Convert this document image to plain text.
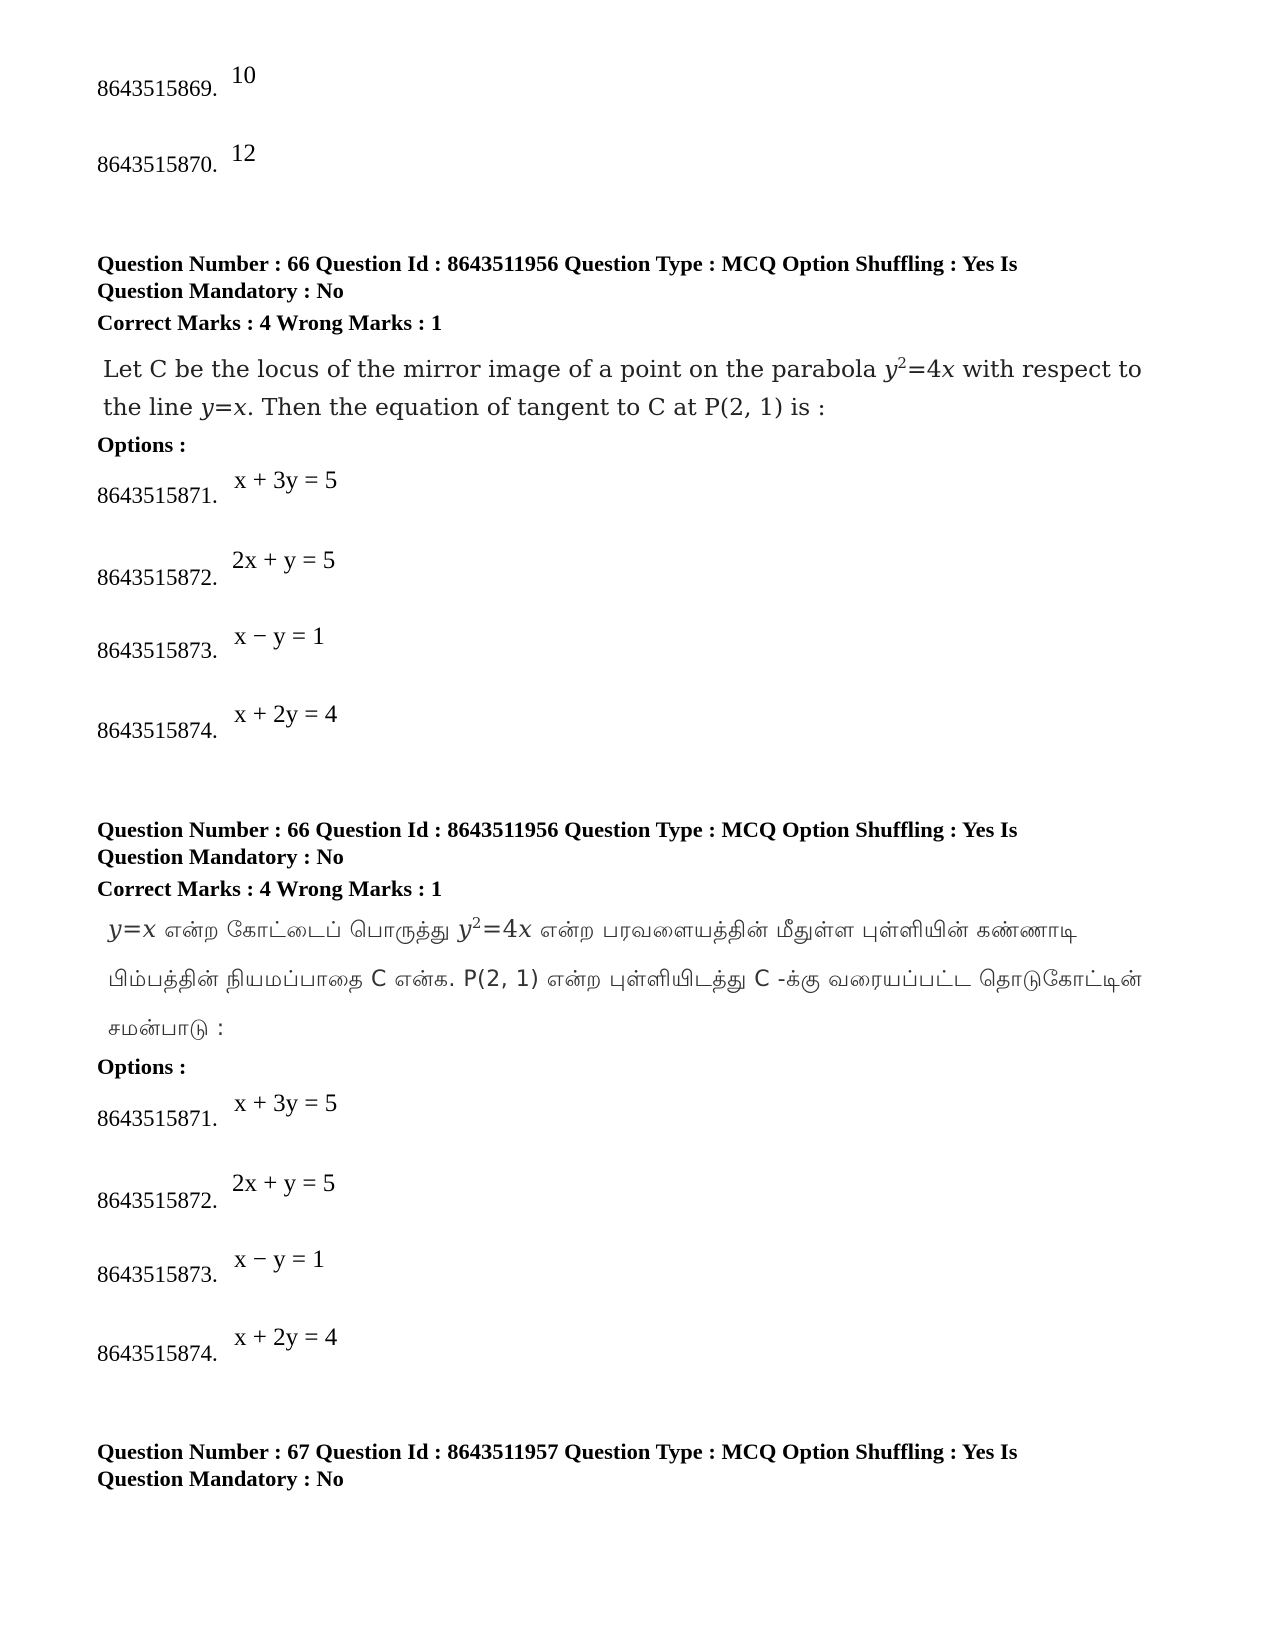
8643515869. 10
8643515870. 12
Question Number : 66 Question Id : 8643511956 Question Type : MCQ Option Shuffling : Yes Is
Question Mandatory : No
Correct Marks : 4 Wrong Marks : 1
Let C be the locus of the mirror image of a point on the parabola $y^2=4x$ with respect to the line y=x. Then the equation of tangent to C at P(2, 1) is :
Options :
8643515871.
x + 3y = 5
8643515872.
2x + y = 5
8643515873.
x − y = 1
8643515874.
x + 2y = 4
Question Number : 66 Question Id : 8643511956 Question Type : MCQ Option Shuffling : Yes Is
Question Mandatory : No
Correct Marks : 4 Wrong Marks : 1
y=x என்ற கோட்டைப் பொருத்து $y^2=4x$ என்ற பரவளையத்தின் மீதுள்ள புள்ளியின் கண்ணாடி பிம்பத்தின் நியமப்பாதை C என்க. P(2, 1) என்ற புள்ளியிடத்து C -க்கு வரையப்பட்ட தொடுகோட்டின் சமன்பாடு :
Options :
8643515871.
x + 3y = 5
8643515872.
2x + y = 5
8643515873.
x − y = 1
8643515874.
x + 2y = 4
Question Number : 67 Question Id : 8643511957 Question Type : MCQ Option Shuffling : Yes Is
Question Mandatory : No
